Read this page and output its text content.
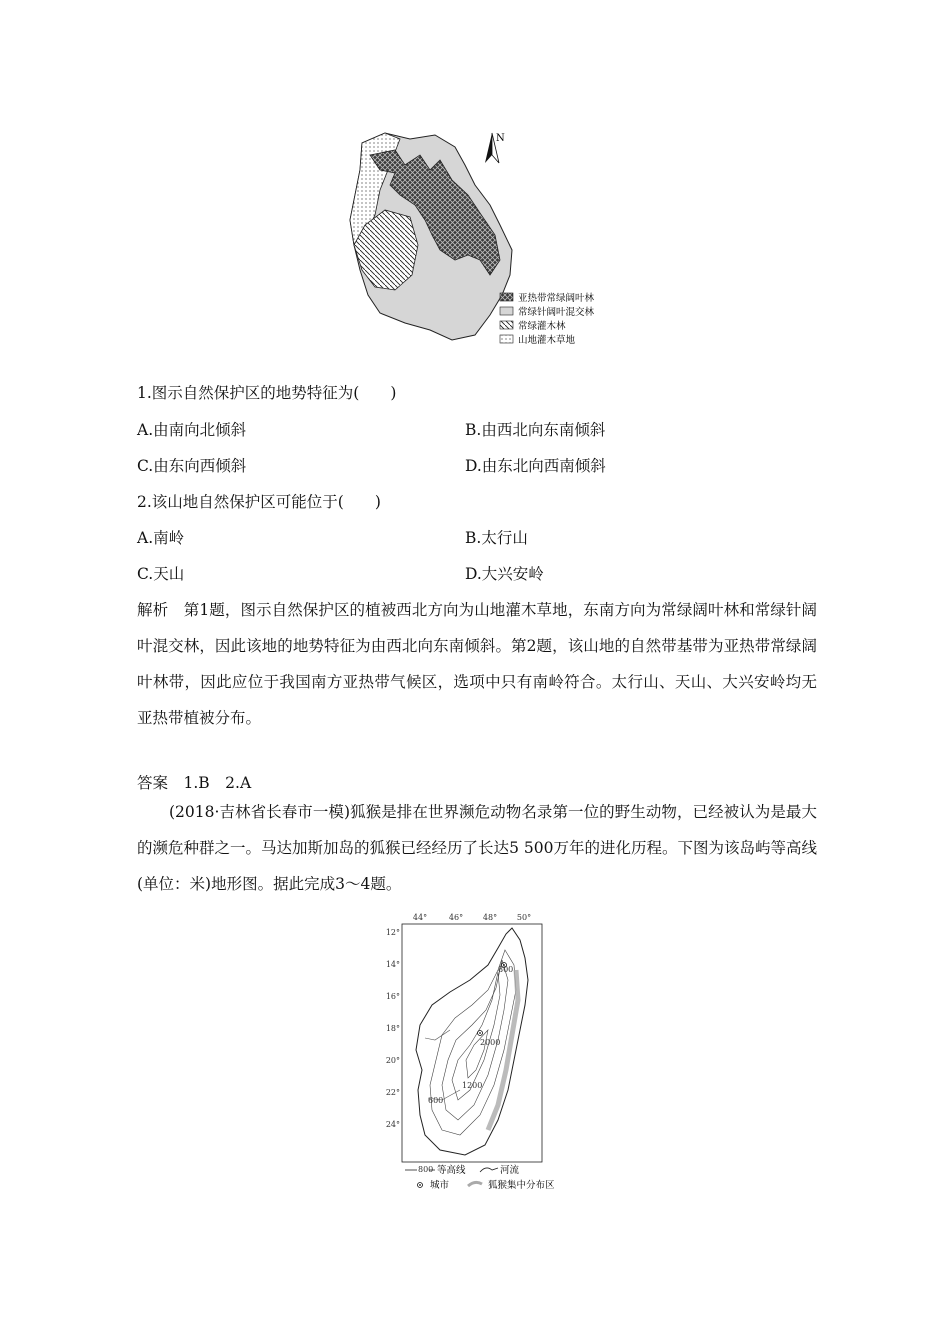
N
亚热带常绿阔叶林
常绿针阔叶混交林
常绿灌木林
山地灌木草地
1.图示自然保护区的地势特征为(　　)
A.由南向北倾斜	B.由西北向东南倾斜
C.由东向西倾斜	D.由东北向西南倾斜
2.该山地自然保护区可能位于(　　)
A.南岭	B.太行山
C.天山	D.大兴安岭

解析　第1题，图示自然保护区的植被西北方向为山地灌木草地，东南方向为常绿阔叶林和常绿针阔叶混交林，因此该地的地势特征为由西北向东南倾斜。第2题，该山地的自然带基带为亚热带常绿阔叶林带，因此应位于我国南方亚热带气候区，选项中只有南岭符合。太行山、天山、大兴安岭均无亚热带植被分布。

答案　1.B　2.A

(2018·吉林省长春市一模)狐猴是排在世界濒危动物名录第一位的野生动物，已经被认为是最大的濒危种群之一。马达加斯加岛的狐猴已经经历了长达5 500万年的进化历程。下图为该岛屿等高线(单位：米)地形图。据此完成3～4题。

44°	46° 48° 50°
12°
14°
16°
18°
20°
22°
24°
600
1200
2000
800
800 等高线	河流
城市	狐猴集中分布区
